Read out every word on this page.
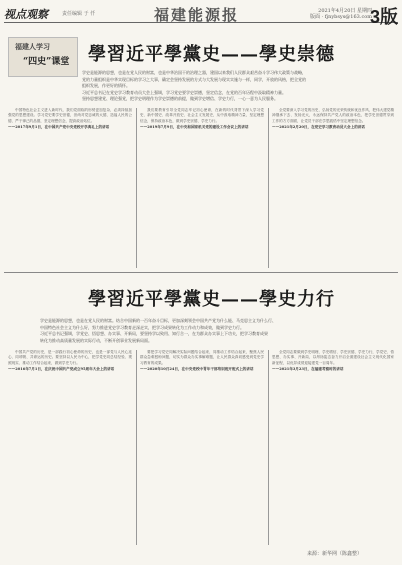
视点观察	责任编辑 于 仟	福建能源报	2021年4月20日 星期四
版面 · fjnybsys@163.com
3版
福建人学习
“四史”课堂 學習近平學黨史——學史崇德
学史是能源的思想，也是在党人民的财富，也是中华治国干的治理之器，建国以来我们人民群众艰苦奋斗学习伟大政策与战略，
党的力量组织是中华实现目标的学习之大事，确定会坚持发展的方式与大发展与现实实施与一样，同学，开放的风格，把全党的
组织发展，作更好的情怀。
习近平总书记在党史学习教育动员大会上强调，学习党史要学史崇德，坚定信念，在党的百年历程中汲取精神力量。
坚持思想建党、理论强党，把学史明理作为学史崇德的前提，做到学史增信、学史力行，一心一意为人民服务。

中国特色社会主义进入新时代，我们党面临的形势更加复杂，必须持续加强党的思想建设。学习党史要学史崇德，崇尚对党忠诚的大德、造福人民的公德、严于律己的品德，坚定理想信念，提高政治站位。

——2017年9月1日，在中国共产党中央党校开学典礼上的讲话

我们要教育引导全党同志牢记初心使命，在新的时代背景下深入学习党史、新中国史、改革开放史、社会主义发展史，从中汲取精神力量，坚定理想信念，保持政治本色，做到学史崇德、学史力行。

——2019年7月9日，在中央和国家机关党的建设工作会议上的讲话

全党要深入学习党的历史，弘扬党的光荣传统和优良作风，把伟大建党精神继承下去、发扬光大，永远保持共产党人的政治本色，把学史崇德贯穿到工作的方方面面，让党员干部在学思践悟中坚定理想信念。

——2021年2月20日，在党史学习教育动员大会上的讲话

學習近平學黨史——學史力行
学史是能源的思想，也是在党人民的财富。结合中国新的一百年奋斗目标，更加深刻领会中国共产党为什么能、马克思主义为什么行、
中国特色社会主义为什么好，努力推进党史学习教育走深走实，把学习成果转化为工作动力和成效，做到学史力行。
习近平总书记强调，学党史、悟思想、办实事、开新局，要坚持学以致用、知行合一，在为群众办实事上下功夫，把学习教育成果
转化为推动高质量发展的实际行动，不断开创事业发展新局面。

中国共产党的历史，是一部践行初心使命的历史，也是一部党与人民心连心、同呼吸、共命运的历史。要坚持以人民为中心，把学党史同总结经验、观照现实、推动工作结合起来，做到学史力行。

——2016年7月1日，在庆祝中国共产党成立95周年大会上的讲话

要把学习党史同解决实际问题结合起来，同推动工作结合起来，聚焦人民群众急难愁盼问题，切实为群众办实事解难题，让人民群众真切感受到党史学习教育的成果。

——2020年10月24日，在中央党校中青年干部培训班开班式上的讲话

全党同志要做到学史明理、学史增信、学史崇德、学史力行，学党史、悟思想、办实事、开新局，以昂扬姿态奋力开启全面建设社会主义现代化国家新征程，以优异成绩迎接建党一百周年。

——2021年3月23日，在福建考察时的讲话

来源：新华网（陈鑫整）
